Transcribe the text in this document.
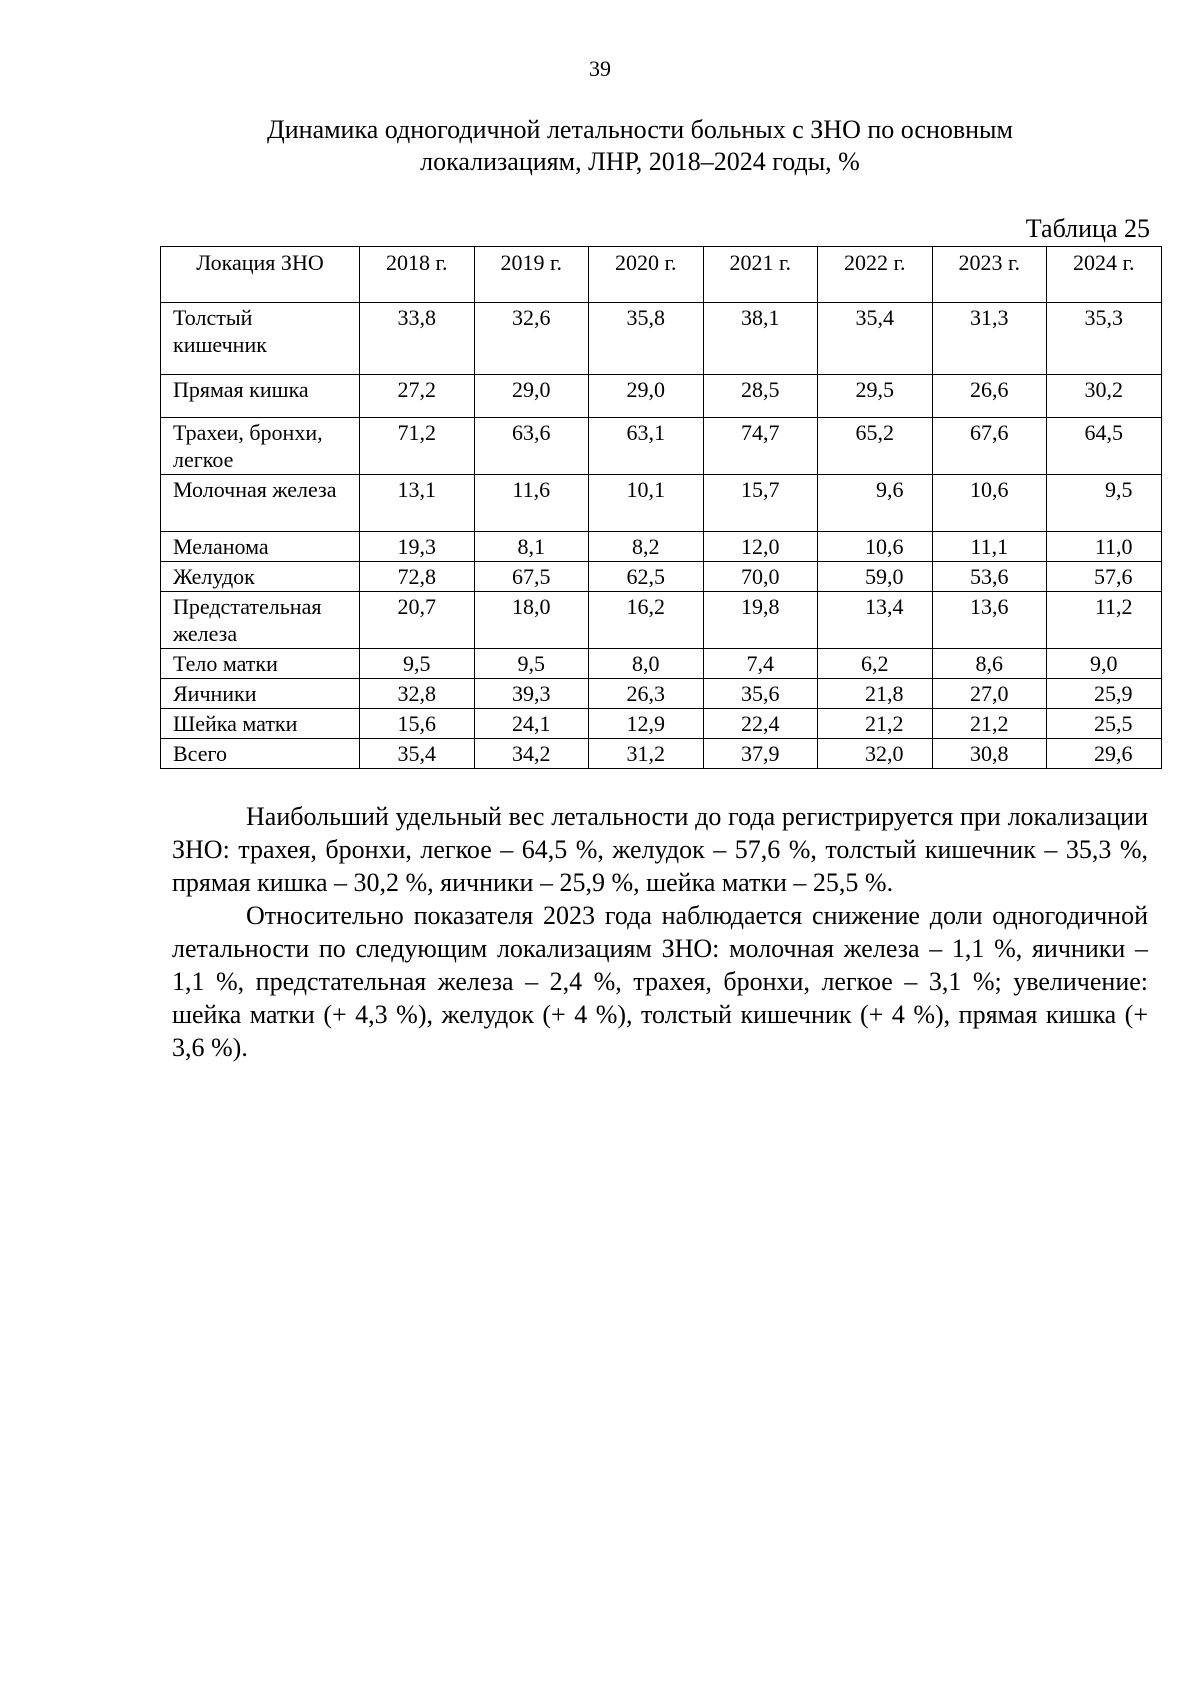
39
Динамика одногодичной летальности больных с ЗНО по основным
локализациям, ЛНР, 2018–2024 годы, %
Таблица 25
Локация ЗНО	2018 г.	2019 г.	2020 г.	2021 г.	2022 г.	2023 г.	2024 г.
Толстый кишечник	33,8	32,6	35,8	38,1	35,4	31,3	35,3
Прямая кишка	27,2	29,0	29,0	28,5	29,5	26,6	30,2
Трахеи, бронхи, легкое	71,2	63,6	63,1	74,7	65,2	67,6	64,5
Молочная железа	13,1	11,6	10,1	15,7	9,6	10,6	9,5
Меланома	19,3	8,1	8,2	12,0	10,6	11,1	11,0
Желудок	72,8	67,5	62,5	70,0	59,0	53,6	57,6
Предстательная железа	20,7	18,0	16,2	19,8	13,4	13,6	11,2
Тело матки	9,5	9,5	8,0	7,4	6,2	8,6	9,0
Яичники	32,8	39,3	26,3	35,6	21,8	27,0	25,9
Шейка матки	15,6	24,1	12,9	22,4	21,2	21,2	25,5
Всего	35,4	34,2	31,2	37,9	32,0	30,8	29,6

Наибольший удельный вес летальности до года регистрируется при локализации ЗНО: трахея, бронхи, легкое – 64,5 %, желудок – 57,6 %, толстый кишечник – 35,3 %, прямая кишка – 30,2 %, яичники – 25,9 %, шейка матки – 25,5 %.

Относительно показателя 2023 года наблюдается снижение доли одногодичной летальности по следующим локализациям ЗНО: молочная железа – 1,1 %, яичники – 1,1 %, предстательная железа – 2,4 %, трахея, бронхи, легкое – 3,1 %; увеличение: шейка матки (+ 4,3 %), желудок (+ 4 %), толстый кишечник (+ 4 %), прямая кишка (+ 3,6 %).
